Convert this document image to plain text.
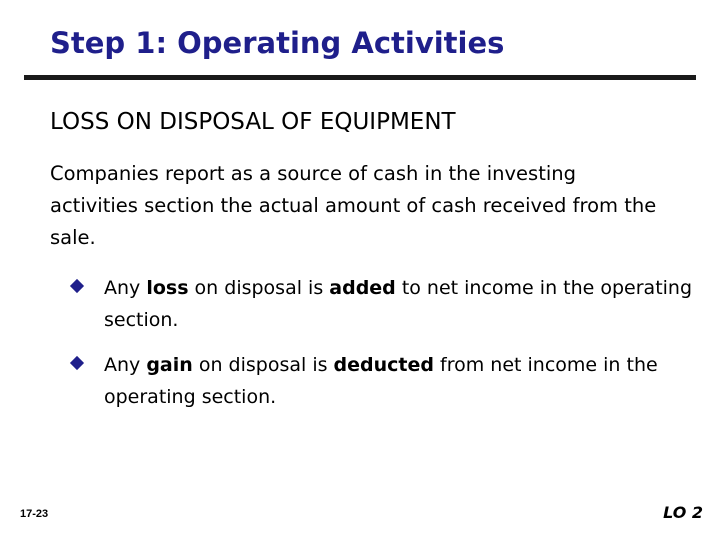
Step 1: Operating Activities
LOSS ON DISPOSAL OF EQUIPMENT
Companies report as a source of cash in the investing activities section the actual amount of cash received from the sale.
Any loss on disposal is added to net income in the operating section.
Any gain on disposal is deducted from net income in the operating section.
17-23	LO 2
